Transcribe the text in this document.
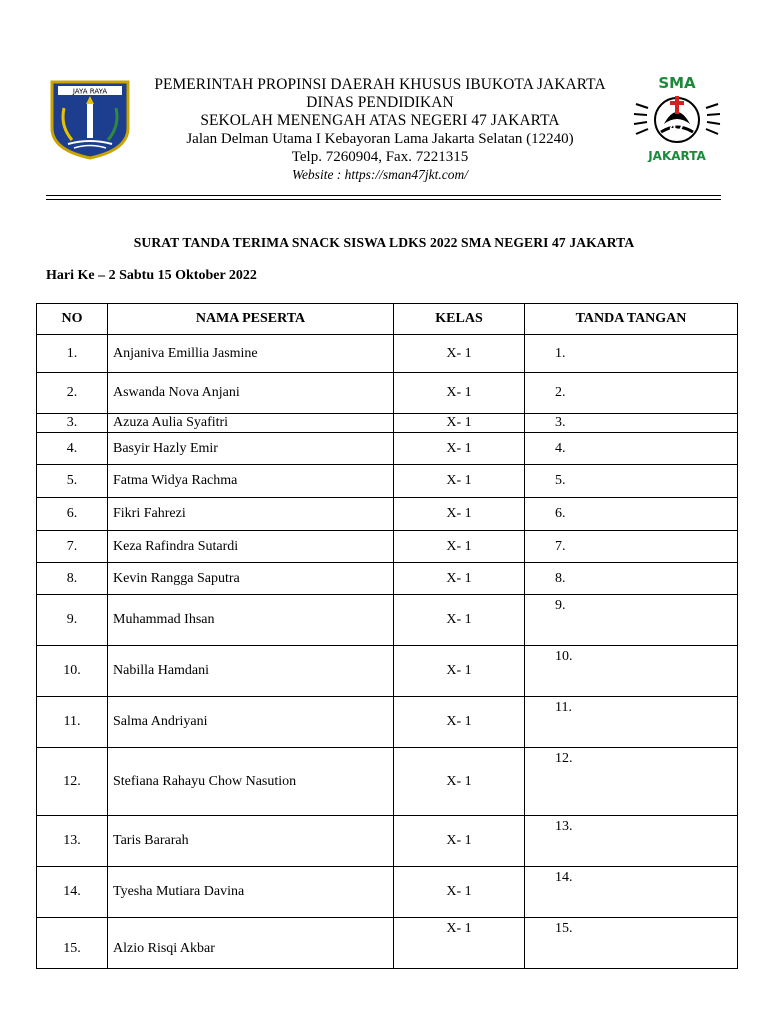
JAYA RAYA	PEMERINTAH PROPINSI DAERAH KHUSUS IBUKOTA JAKARTA
DINAS PENDIDIKAN
SEKOLAH MENENGAH ATAS NEGERI 47 JAKARTA
Jalan Delman Utama I Kebayoran Lama Jakarta Selatan (12240)
Telp. 7260904, Fax. 7221315
Website : https://sman47jkt.com/
47
SMA
JAKARTA
SURAT TANDA TERIMA SNACK SISWA LDKS 2022 SMA NEGERI 47 JAKARTA
Hari Ke – 2 Sabtu 15 Oktober 2022
NO	NAMA PESERTA	KELAS	TANDA TANGAN
1.	Anjaniva Emillia Jasmine	X- 1	1.
2.	Aswanda Nova Anjani	X- 1	2.
3.	Azuza Aulia Syafitri	X- 1	3.
4.	Basyir Hazly Emir	X- 1	4.
5.	Fatma Widya Rachma	X- 1	5.
6.	Fikri Fahrezi	X- 1	6.
7.	Keza Rafindra Sutardi	X- 1	7.
8.	Kevin Rangga Saputra	X- 1	8.
9.	Muhammad Ihsan	X- 1	9.
10.	Nabilla Hamdani	X- 1	10.
11.	Salma Andriyani	X- 1	11.
12.	Stefiana Rahayu Chow Nasution	X- 1	12.
13.	Taris Bararah	X- 1	13.
14.	Tyesha Mutiara Davina	X- 1	14.
15.	Alzio Risqi Akbar	X- 1	15.
